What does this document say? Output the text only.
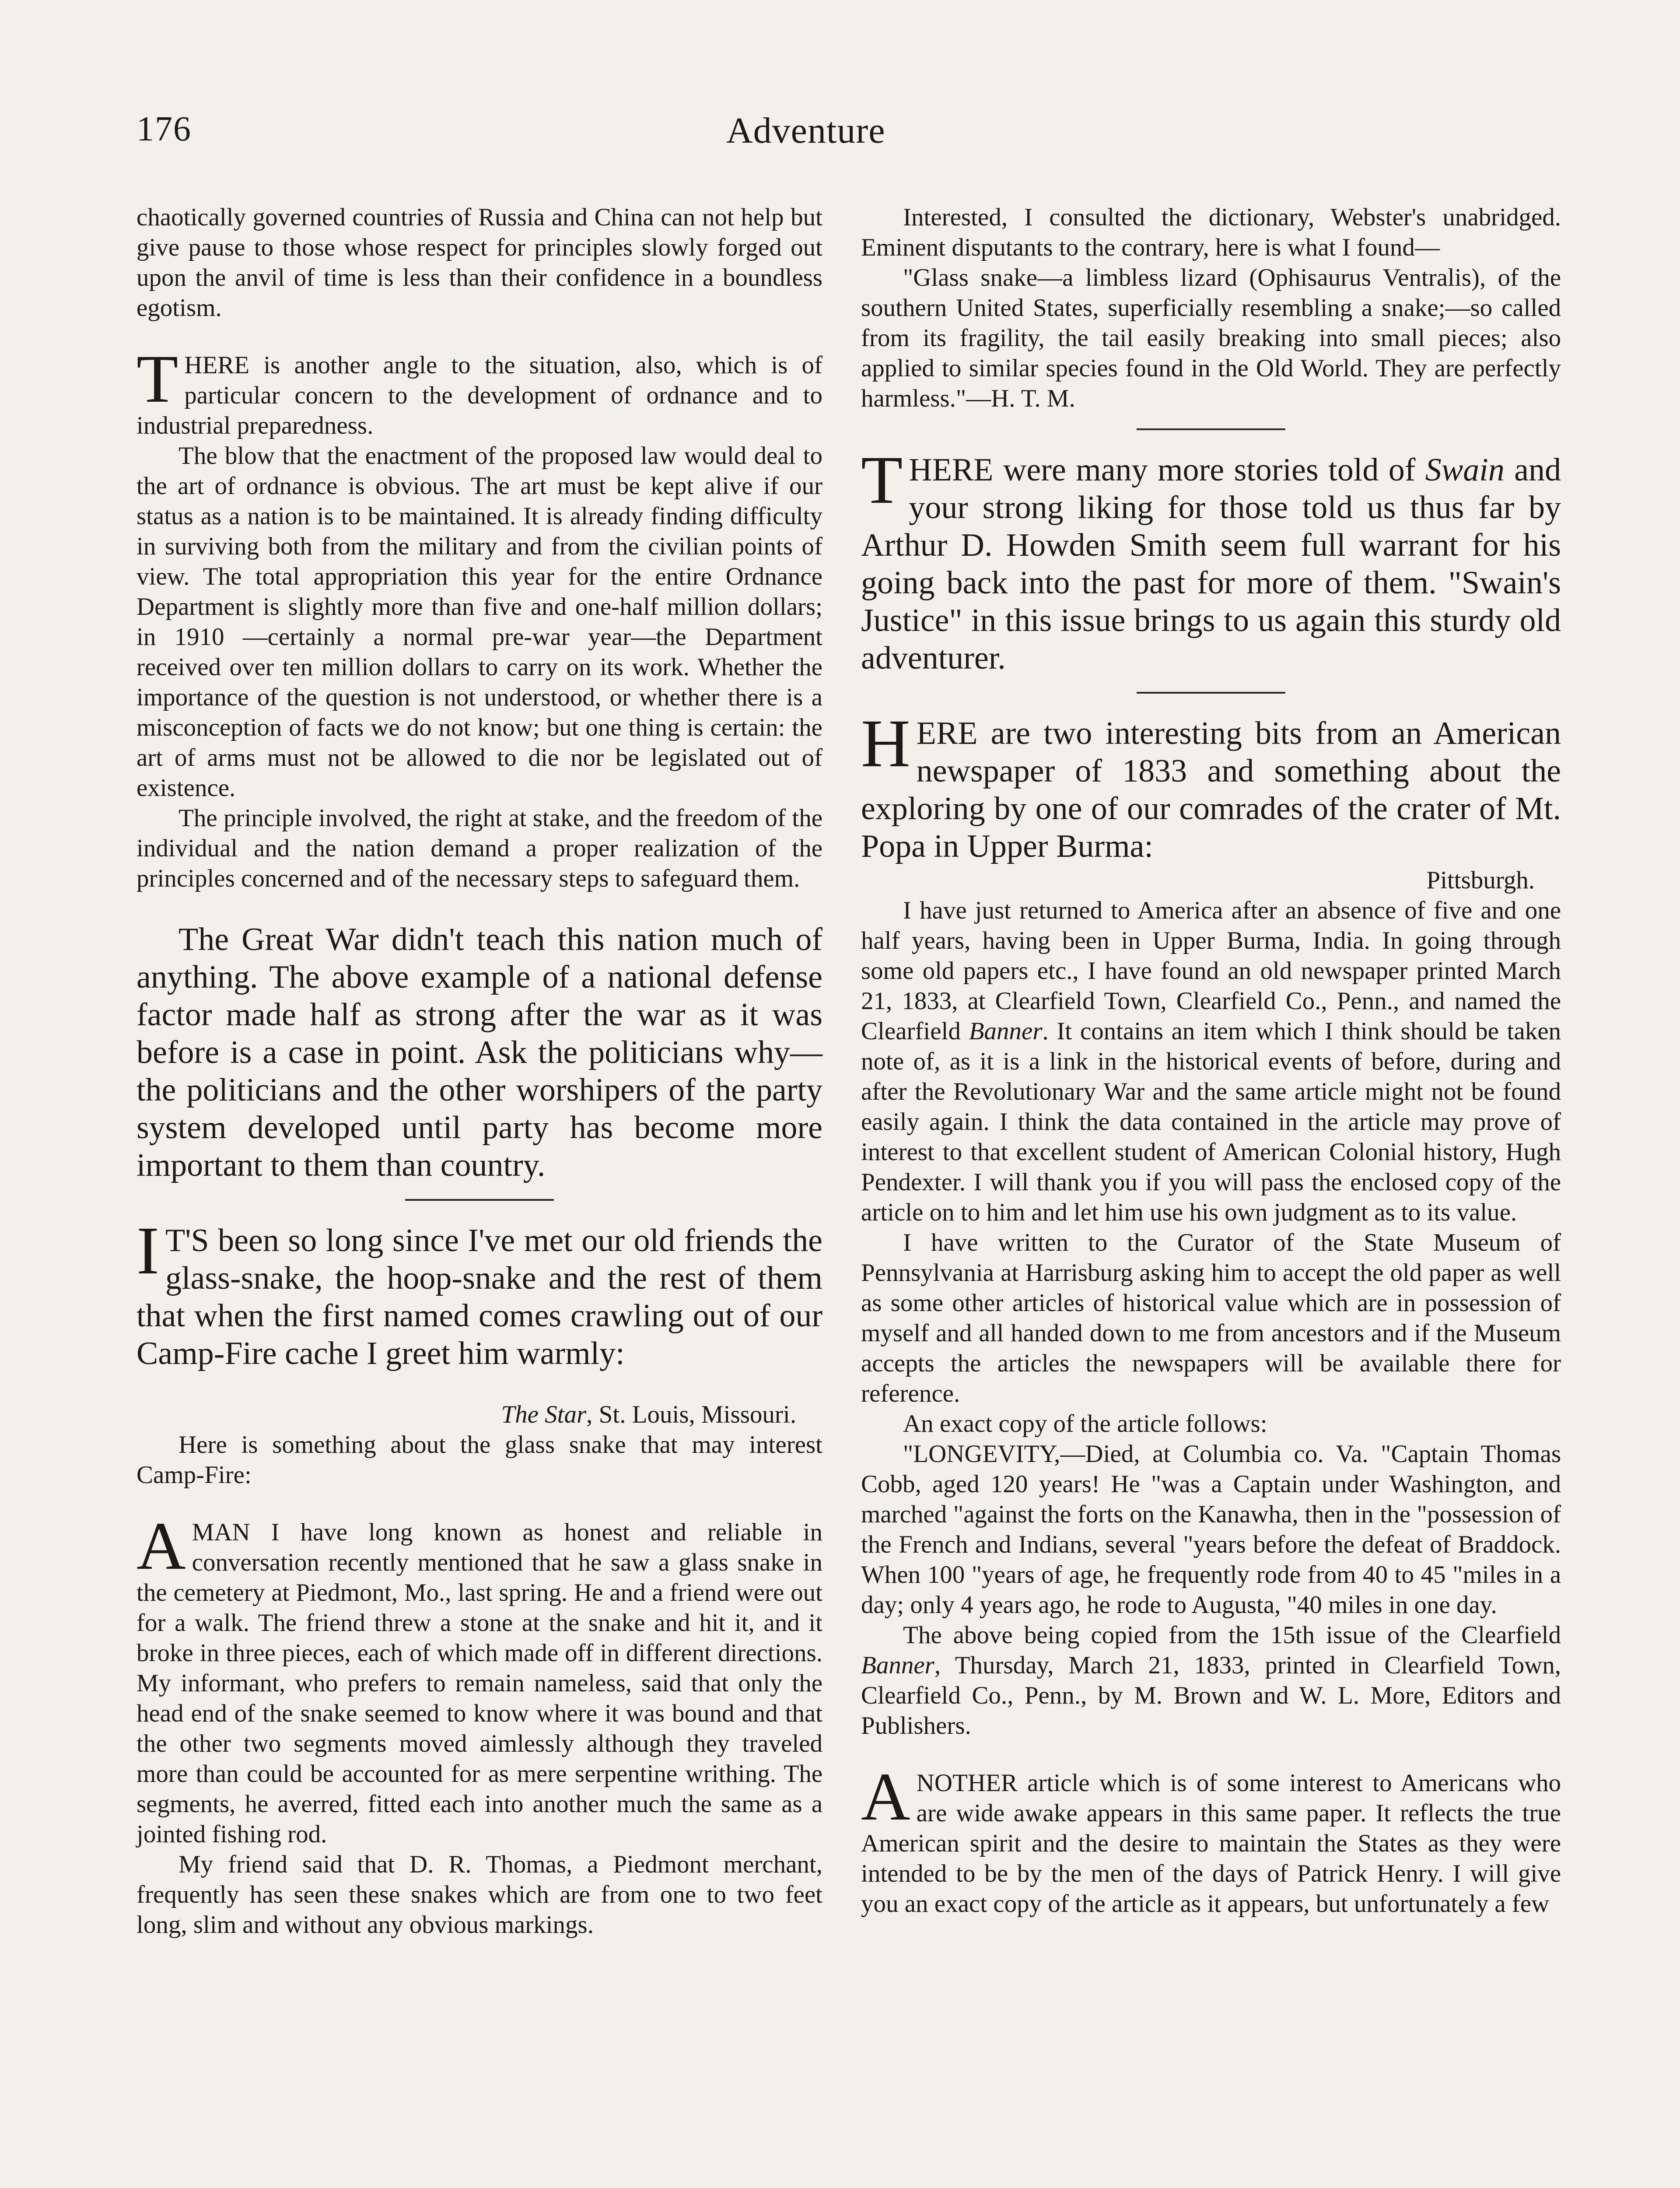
176	Adventure

chaotically governed countries of Russia and China can not help but give pause to those whose respect for principles slowly forged out upon the anvil of time is less than their confidence in a boundless egotism.

THERE is another angle to the situation, also, which is of particular concern to the development of ordnance and to industrial preparedness.

The blow that the enactment of the proposed law would deal to the art of ordnance is obvious. The art must be kept alive if our status as a nation is to be maintained. It is already finding difficulty in surviving both from the military and from the civilian points of view. The total appropriation this year for the entire Ordnance Department is slightly more than five and one-half million dollars; in 1910 —certainly a normal pre-war year—the Department received over ten million dollars to carry on its work. Whether the importance of the question is not understood, or whether there is a misconception of facts we do not know; but one thing is certain: the art of arms must not be allowed to die nor be legislated out of existence.

The principle involved, the right at stake, and the freedom of the individual and the nation demand a proper realization of the principles concerned and of the necessary steps to safeguard them.

The Great War didn't teach this nation much of anything. The above example of a national defense factor made half as strong after the war as it was before is a case in point. Ask the politicians why—the politicians and the other worshipers of the party system developed until party has become more important to them than country.

I T'S been so long since I've met our old friends the glass-snake, the hoop-snake and the rest of them that when the first named comes crawling out of our Camp-Fire cache I greet him warmly:

The Star, St. Louis, Missouri.

Here is something about the glass snake that may interest Camp-Fire:

AMAN I have long known as honest and reliable in conversation recently mentioned that he saw a glass snake in the cemetery at Piedmont, Mo., last spring. He and a friend were out for a walk. The friend threw a stone at the snake and hit it, and it broke in three pieces, each of which made off in different directions. My informant, who prefers to remain nameless, said that only the head end of the snake seemed to know where it was bound and that the other two segments moved aimlessly although they traveled more than could be accounted for as mere serpentine writhing. The segments, he averred, fitted each into another much the same as a jointed fishing rod.

My friend said that D. R. Thomas, a Piedmont merchant, frequently has seen these snakes which are from one to two feet long, slim and without any obvious markings.

Interested, I consulted the dictionary, Webster's unabridged. Eminent disputants to the contrary, here is what I found—

"Glass snake—a limbless lizard (Ophisaurus Ventralis), of the southern United States, superficially resembling a snake;—so called from its fragility, the tail easily breaking into small pieces; also applied to similar species found in the Old World. They are perfectly harmless."—H. T. M.

THERE were many more stories told of Swain and your strong liking for those told us thus far by Arthur D. Howden Smith seem full warrant for his going back into the past for more of them. "Swain's Justice" in this issue brings to us again this sturdy old adventurer.

HERE are two interesting bits from an American newspaper of 1833 and something about the exploring by one of our comrades of the crater of Mt. Popa in Upper Burma:

Pittsburgh.

I have just returned to America after an absence of five and one half years, having been in Upper Burma, India. In going through some old papers etc., I have found an old newspaper printed March 21, 1833, at Clearfield Town, Clearfield Co., Penn., and named the Clearfield Banner. It contains an item which I think should be taken note of, as it is a link in the historical events of before, during and after the Revolutionary War and the same article might not be found easily again. I think the data contained in the article may prove of interest to that excellent student of American Colonial history, Hugh Pendexter. I will thank you if you will pass the enclosed copy of the article on to him and let him use his own judgment as to its value.

I have written to the Curator of the State Museum of Pennsylvania at Harrisburg asking him to accept the old paper as well as some other articles of historical value which are in possession of myself and all handed down to me from ancestors and if the Museum accepts the articles the newspapers will be available there for reference.

An exact copy of the article follows:

"LONGEVITY,—Died, at Columbia co. Va. "Captain Thomas Cobb, aged 120 years! He "was a Captain under Washington, and marched "against the forts on the Kanawha, then in the "possession of the French and Indians, several "years before the defeat of Braddock. When 100 "years of age, he frequently rode from 40 to 45 "miles in a day; only 4 years ago, he rode to Augusta, "40 miles in one day.

The above being copied from the 15th issue of the Clearfield Banner, Thursday, March 21, 1833, printed in Clearfield Town, Clearfield Co., Penn., by M. Brown and W. L. More, Editors and Publishers.

ANOTHER article which is of some interest to Americans who are wide awake appears in this same paper. It reflects the true American spirit and the desire to maintain the States as they were intended to be by the men of the days of Patrick Henry. I will give you an exact copy of the article as it appears, but unfortunately a few
